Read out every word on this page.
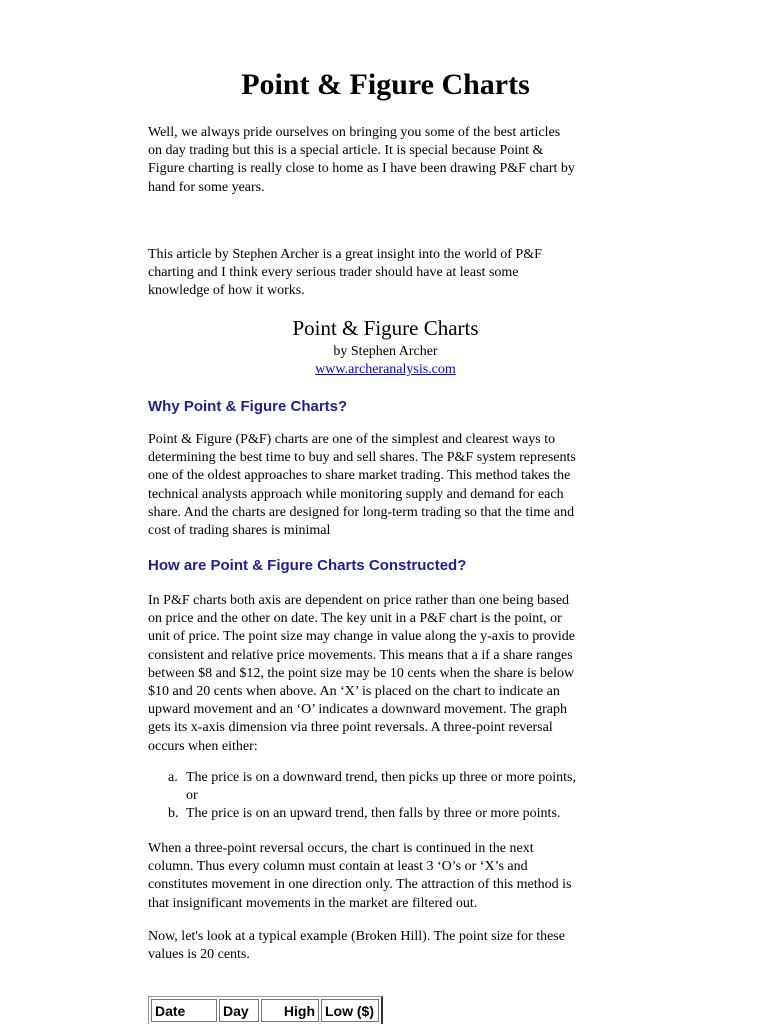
Point & Figure Charts

Well, we always pride ourselves on bringing you some of the best articles
on day trading but this is a special article. It is special because Point &
Figure charting is really close to home as I have been drawing P&F chart by
hand for some years.

This article by Stephen Archer is a great insight into the world of P&F
charting and I think every serious trader should have at least some
knowledge of how it works.

Point & Figure Charts
by Stephen Archer
www.archeranalysis.com
Why Point & Figure Charts?

Point & Figure (P&F) charts are one of the simplest and clearest ways to
determining the best time to buy and sell shares. The P&F system represents
one of the oldest approaches to share market trading. This method takes the
technical analysts approach while monitoring supply and demand for each
share. And the charts are designed for long-term trading so that the time and
cost of trading shares is minimal

How are Point & Figure Charts Constructed?

In P&F charts both axis are dependent on price rather than one being based
on price and the other on date. The key unit in a P&F chart is the point, or
unit of price. The point size may change in value along the y-axis to provide
consistent and relative price movements. This means that a if a share ranges
between $8 and $12, the point size may be 10 cents when the share is below
$10 and 20 cents when above. An ‘X’ is placed on the chart to indicate an
upward movement and an ‘O’ indicates a downward movement. The graph
gets its x-axis dimension via three point reversals. A three-point reversal
occurs when either:

a. The price is on a downward trend, then picks up three or more points,
or
b. The price is on an upward trend, then falls by three or more points.

When a three-point reversal occurs, the chart is continued in the next
column. Thus every column must contain at least 3 ‘O’s or ‘X’s and
constitutes movement in one direction only. The attraction of this method is
that insignificant movements in the market are filtered out.

Now, let's look at a typical example (Broken Hill). The point size for these
values is 20 cents.

Date	Day	High	Low ($)
